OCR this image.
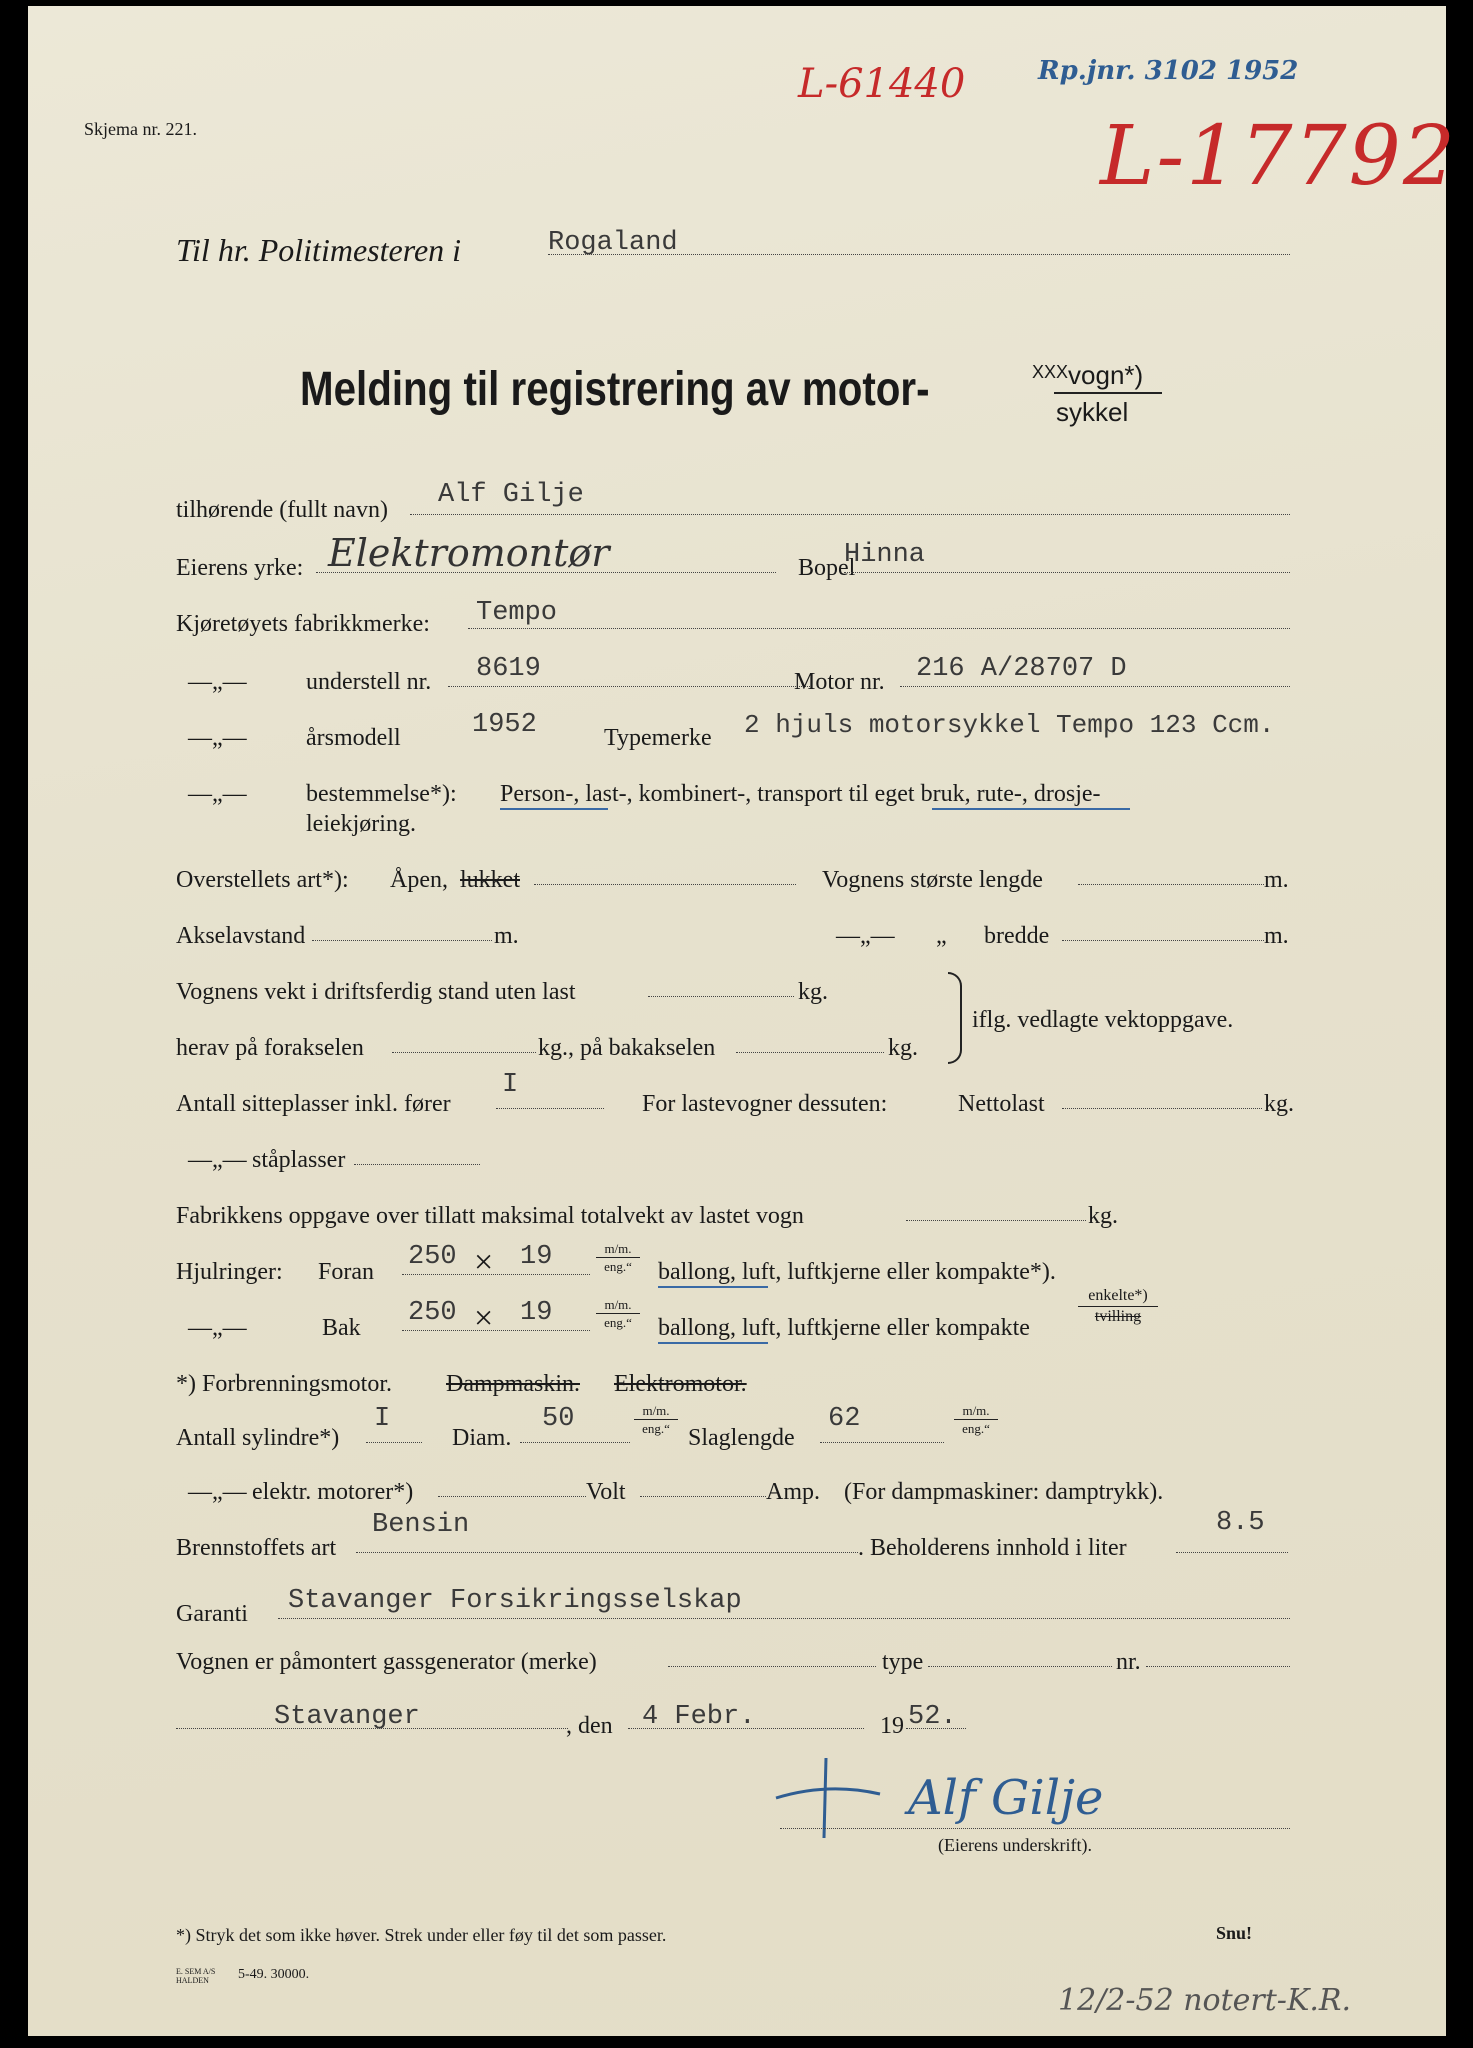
Skjema nr. 221.
L-61440
L-17792
Rp.jnr. 3102 1952
Til hr. Politimesteren i	Rogaland
Melding til registrering av motor-	$^{XXX}$vogn*)
sykkel
tilhørende (fullt navn) Alf Gilje
Eierens yrke: Elektromontør	Bopel
Hinna
Kjøretøyets fabrikkmerke: Tempo
—„— understell nr. 8619	Motor nr. 216 A/28707 D
—„— årsmodell	1952	Typemerke 2 hjuls motorsykkel Tempo 123 Ccm.
—„— bestemmelse*): Person-, last-, kombinert-, transport til eget bruk, rute-, drosje-
leiekjøring.
Overstellets art*): Åpen, lukket	Vognens største lengde	m.
Akselavstand	m.	—„— „ bredde	m.
Vognens vekt i driftsferdig stand uten last	kg.
herav på forakselen	kg., på bakakselen	kg.
iflg. vedlagte vektoppgave.
Antall sitteplasser inkl. fører
I
For lastevogner dessuten:	Nettolast	kg.
—„— ståplasser
Fabrikkens oppgave over tillatt maksimal totalvekt av lastet vogn	kg.
Hjulringer: Foran 250 × 19	m/m.
eng.“	ballong, luft, luftkjerne eller kompakte*).
—„—	Bak 250 × 19	m/m.
eng.“	ballong, luft, luftkjerne eller kompakte
enkelte*)
tvilling
*) Forbrenningsmotor. Dampmaskin. Elektromotor.
Antall sylindre*)
I
Diam.
50	m/m.
eng.“ Slaglengde
62	m/m.
eng.“
—„— elektr. motorer*)	Volt	Amp. (For dampmaskiner: damptrykk).
Brennstoffets art
Bensin
. Beholderens innhold i liter
8.5
Garanti Stavanger Forsikringsselskap
Vognen er påmontert gassgenerator (merke)	type	nr.
Stavanger	, den 4 Febr.	19 52.
Alf Gilje
(Eierens underskrift).
*) Stryk det som ikke høver. Strek under eller føy til det som passer.	Snu!
E. SEM A/S
HALDEN 5-49. 30000.
12/2-52 notert-K.R.
